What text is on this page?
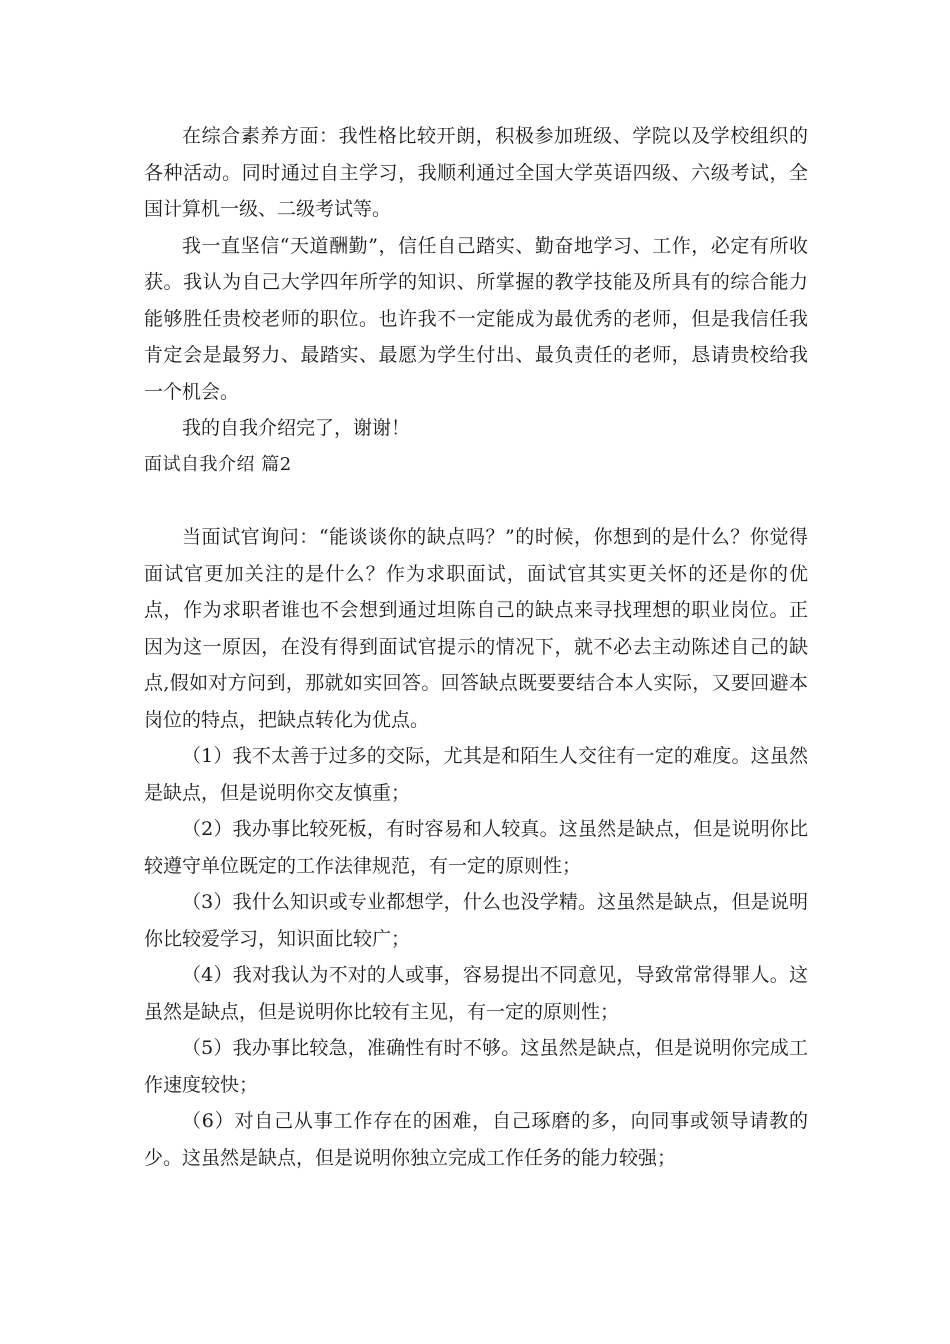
在综合素养方面：我性格比较开朗，积极参加班级、学院以及学校组织的各种活动。同时通过自主学习，我顺利通过全国大学英语四级、六级考试，全国计算机一级、二级考试等。

我一直坚信“天道酬勤”，信任自己踏实、勤奋地学习、工作，必定有所收获。我认为自己大学四年所学的知识、所掌握的教学技能及所具有的综合能力能够胜任贵校老师的职位。也许我不一定能成为最优秀的老师，但是我信任我肯定会是最努力、最踏实、最愿为学生付出、最负责任的老师，恳请贵校给我一个机会。

我的自我介绍完了，谢谢！

面试自我介绍 篇2

当面试官询问：“能谈谈你的缺点吗？”的时候，你想到的是什么？你觉得面试官更加关注的是什么？作为求职面试，面试官其实更关怀的还是你的优点，作为求职者谁也不会想到通过坦陈自己的缺点来寻找理想的职业岗位。正因为这一原因，在没有得到面试官提示的情况下，就不必去主动陈述自己的缺点,假如对方问到，那就如实回答。回答缺点既要要结合本人实际，又要回避本岗位的特点，把缺点转化为优点。

（1）我不太善于过多的交际，尤其是和陌生人交往有一定的难度。这虽然是缺点，但是说明你交友慎重；

（2）我办事比较死板，有时容易和人较真。这虽然是缺点，但是说明你比较遵守单位既定的工作法律规范，有一定的原则性；

（3）我什么知识或专业都想学，什么也没学精。这虽然是缺点，但是说明你比较爱学习，知识面比较广；

（4）我对我认为不对的人或事，容易提出不同意见，导致常常得罪人。这虽然是缺点，但是说明你比较有主见，有一定的原则性；

（5）我办事比较急，准确性有时不够。这虽然是缺点，但是说明你完成工作速度较快；

（6）对自己从事工作存在的困难，自己琢磨的多，向同事或领导请教的少。这虽然是缺点，但是说明你独立完成工作任务的能力较强；
